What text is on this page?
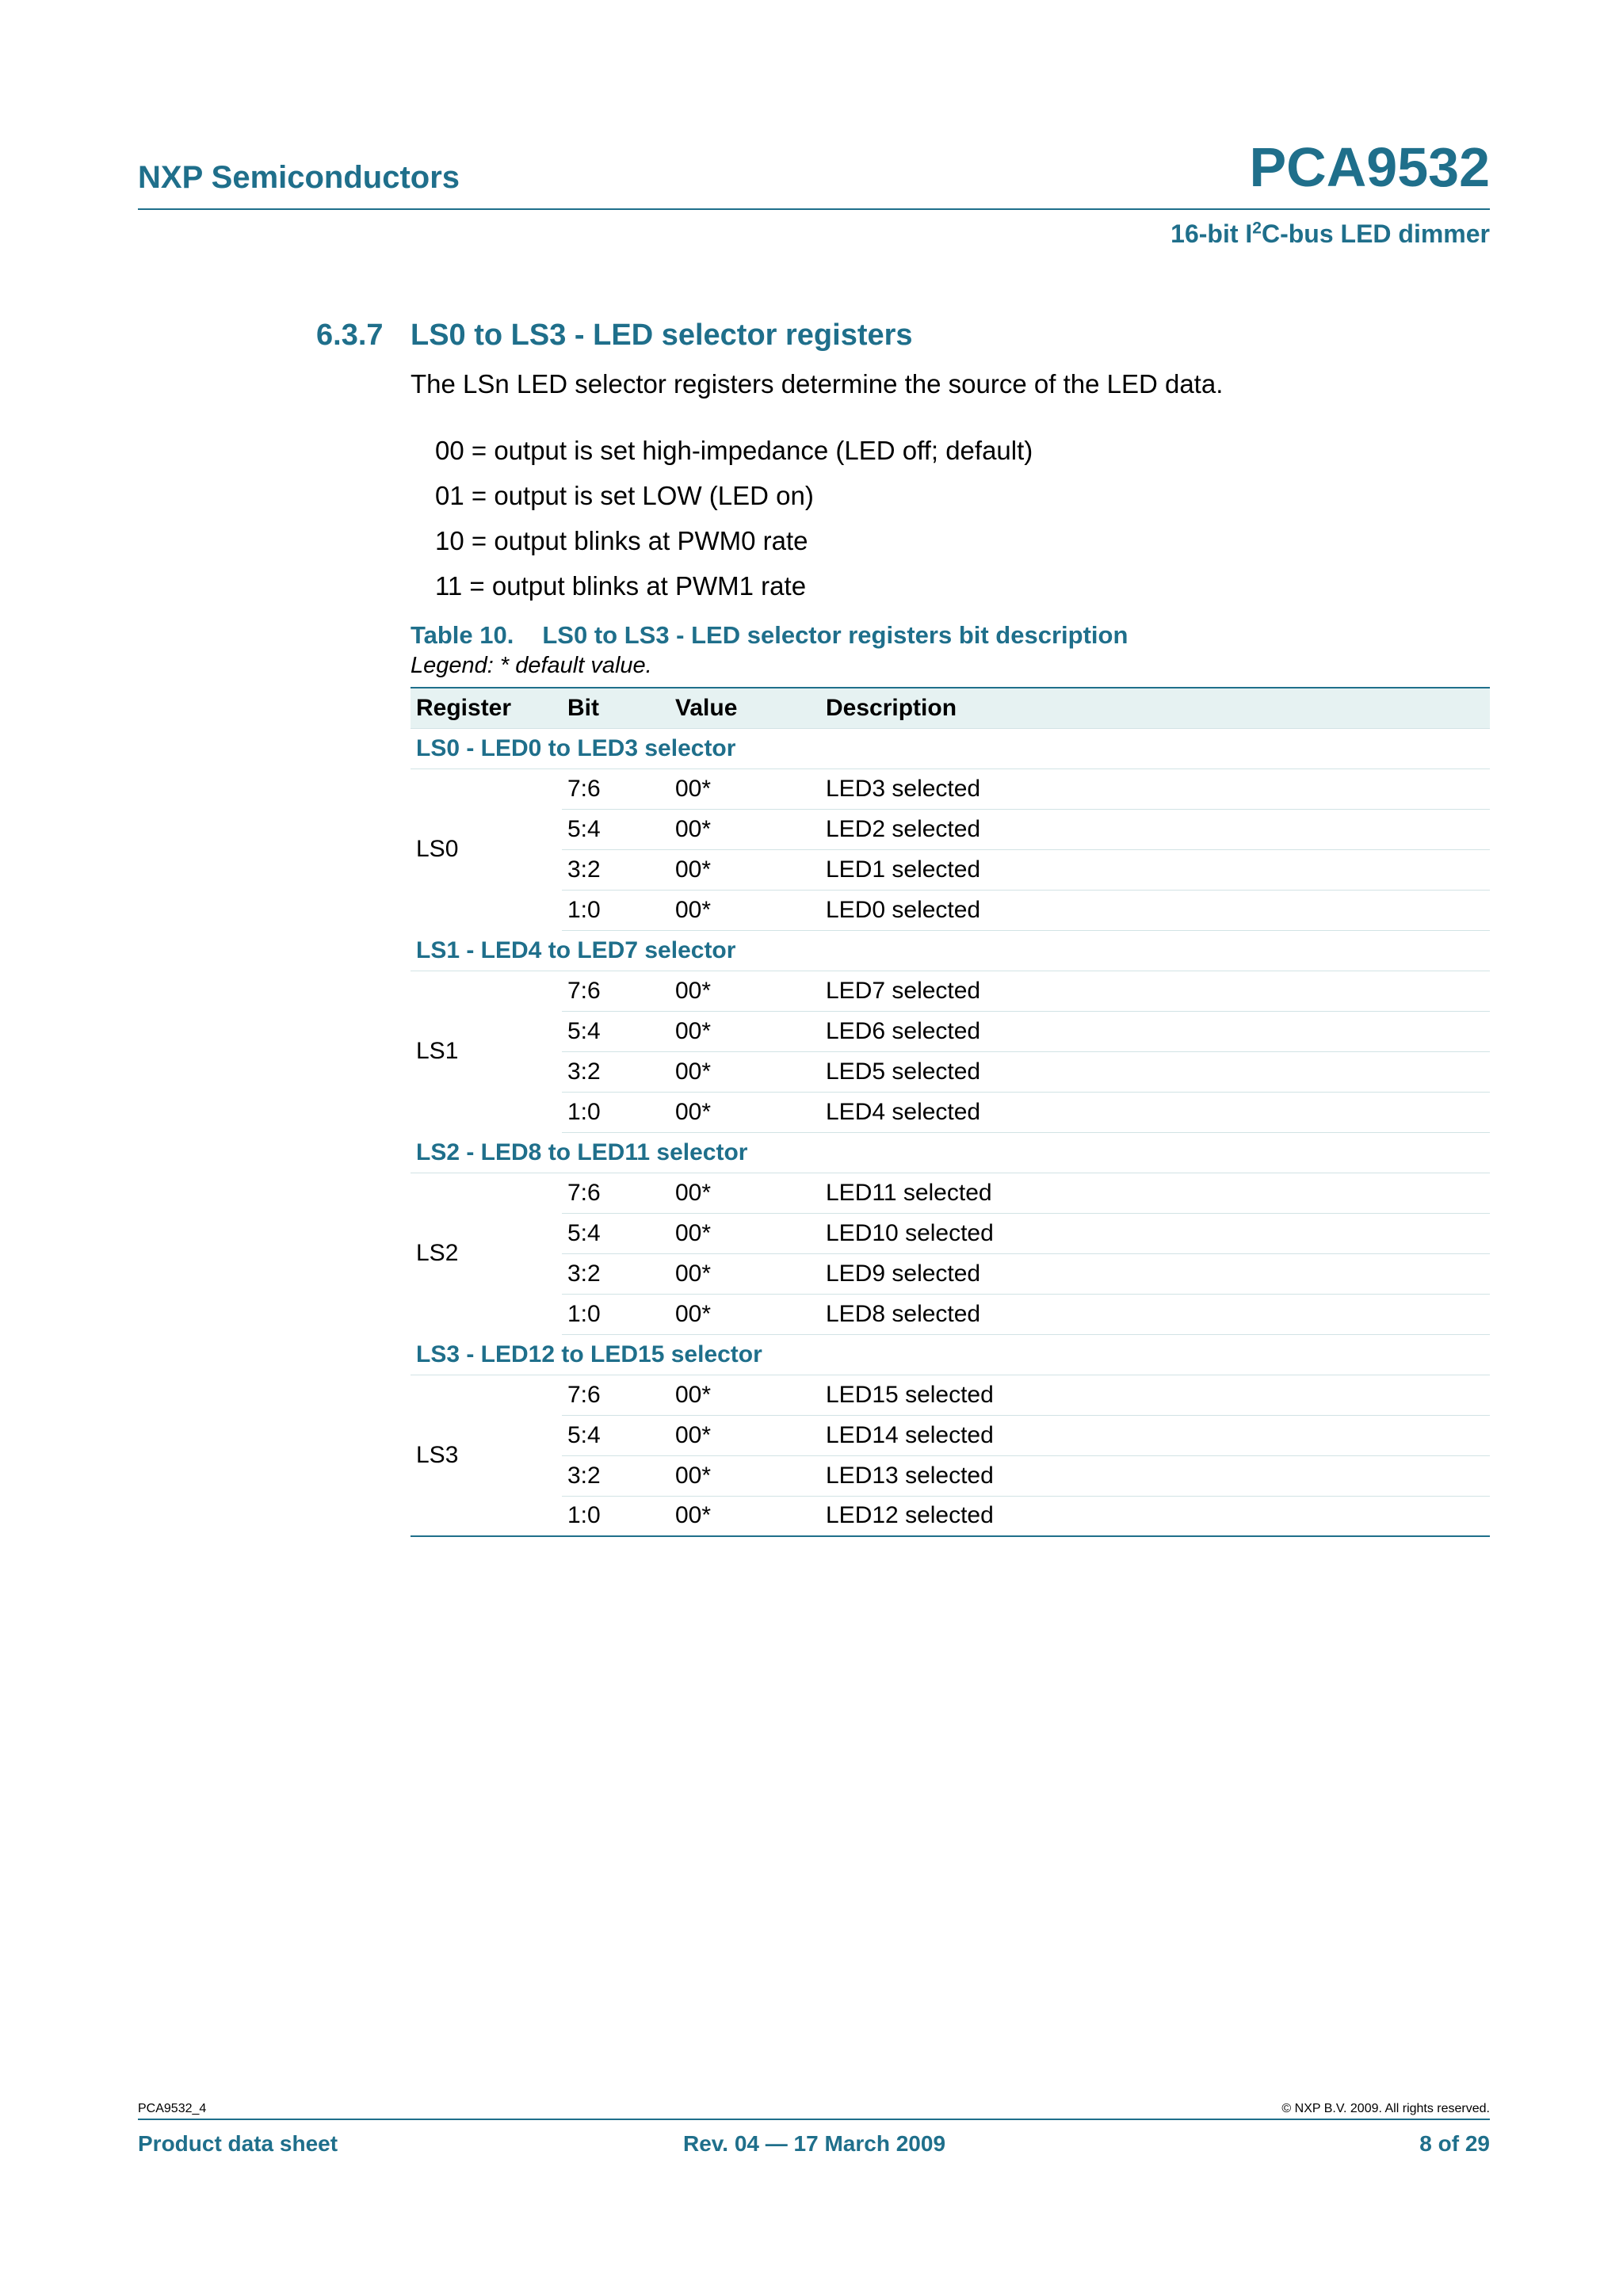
NXP Semiconductors	PCA9532
16-bit $I^2C$-bus LED dimmer
6.3.7 LS0 to LS3 - LED selector registers
The LSn LED selector registers determine the source of the LED data.
00 = output is set high-impedance (LED off; default)
01 = output is set LOW (LED on)
10 = output blinks at PWM0 rate
11 = output blinks at PWM1 rate
Table 10. LS0 to LS3 - LED selector registers bit description
Legend: * default value.
Register	Bit	Value	Description
LS0 - LED0 to LED3 selector			
LS0	7:6	00*	LED3 selected
	5:4	00*	LED2 selected
	3:2	00*	LED1 selected
	1:0	00*	LED0 selected
LS1 - LED4 to LED7 selector			
LS1	7:6	00*	LED7 selected
	5:4	00*	LED6 selected
	3:2	00*	LED5 selected
	1:0	00*	LED4 selected
LS2 - LED8 to LED11 selector			
LS2	7:6	00*	LED11 selected
	5:4	00*	LED10 selected
	3:2	00*	LED9 selected
	1:0	00*	LED8 selected
LS3 - LED12 to LED15 selector			
LS3	7:6	00*	LED15 selected
	5:4	00*	LED14 selected
	3:2	00*	LED13 selected
	1:0	00*	LED12 selected
PCA9532_4	© NXP B.V. 2009. All rights reserved.
Product data sheet	Rev. 04 — 17 March 2009	8 of 29
